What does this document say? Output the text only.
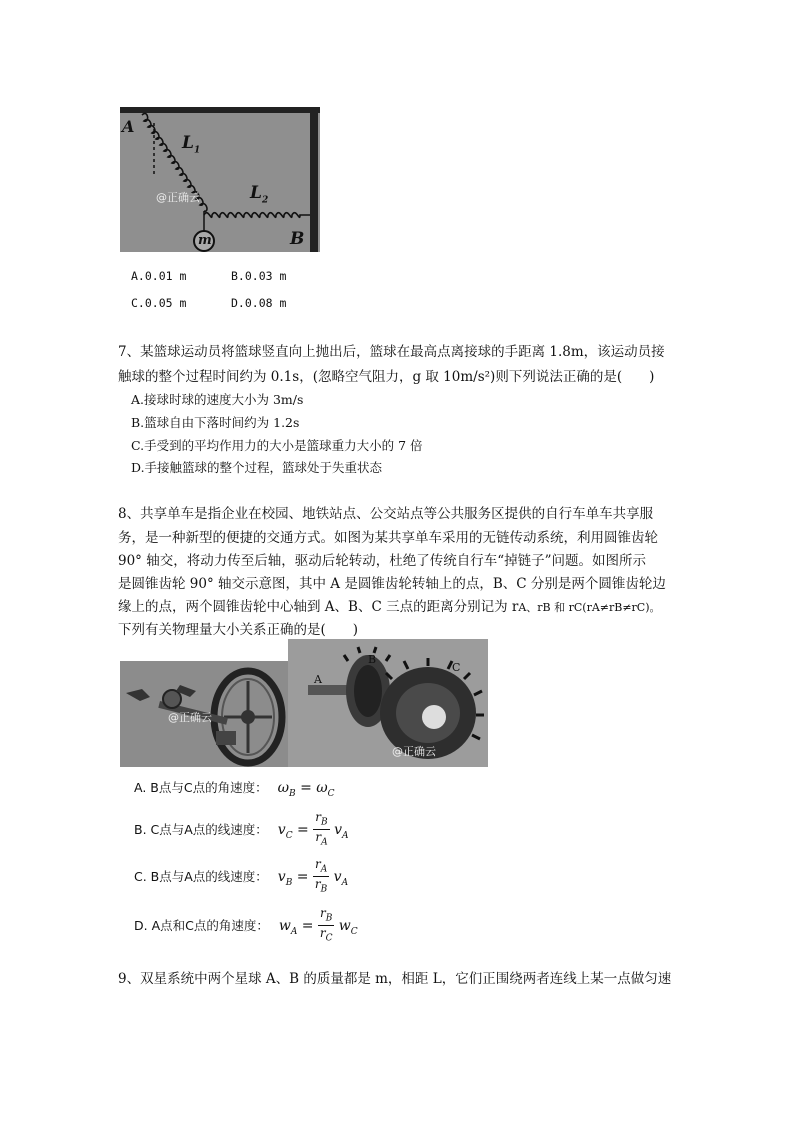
A
$L_1$
$L_2$
B
m
@正确云
A.0.01 m	B.0.03 m
C.0.05 m	D.0.08 m
7、某篮球运动员将篮球竖直向上抛出后，篮球在最高点离接球的手距离 1.8m，该运动员接
触球的整个过程时间约为 0.1s，(忽略空气阻力，g 取 10m/s²)则下列说法正确的是(　　)
A.接球时球的速度大小为 3m/s
B.篮球自由下落时间约为 1.2s
C.手受到的平均作用力的大小是篮球重力大小的 7 倍
D.手接触篮球的整个过程，篮球处于失重状态
8、共享单车是指企业在校园、地铁站点、公交站点等公共服务区提供的自行车单车共享服
务，是一种新型的便捷的交通方式。如图为某共享单车采用的无链传动系统，利用圆锥齿轮
90° 轴交，将动力传至后轴，驱动后轮转动，杜绝了传统自行车“掉链子”问题。如图所示
是圆锥齿轮 90° 轴交示意图，其中 A 是圆锥齿轮转轴上的点，B、C 分别是两个圆锥齿轮边
缘上的点，两个圆锥齿轮中心轴到 A、B、C 三点的距离分别记为 rA、rB 和 rC(rA≠rB≠rC)。
下列有关物理量大小关系正确的是(　　)
@正确云
A
B
C
@正确云
A. B点与C点的角速度： $\omega_B = \omega_C$
B. C点与A点的线速度： $v_C = \frac{r_B}{r_A} v_A$
C. B点与A点的线速度： $v_B = \frac{r_A}{r_B} v_A$
D. A点和C点的角速度： $w_A = \frac{r_B}{r_C} w_C$
9、双星系统中两个星球 A、B 的质量都是 m，相距 L，它们正围绕两者连线上某一点做匀速
